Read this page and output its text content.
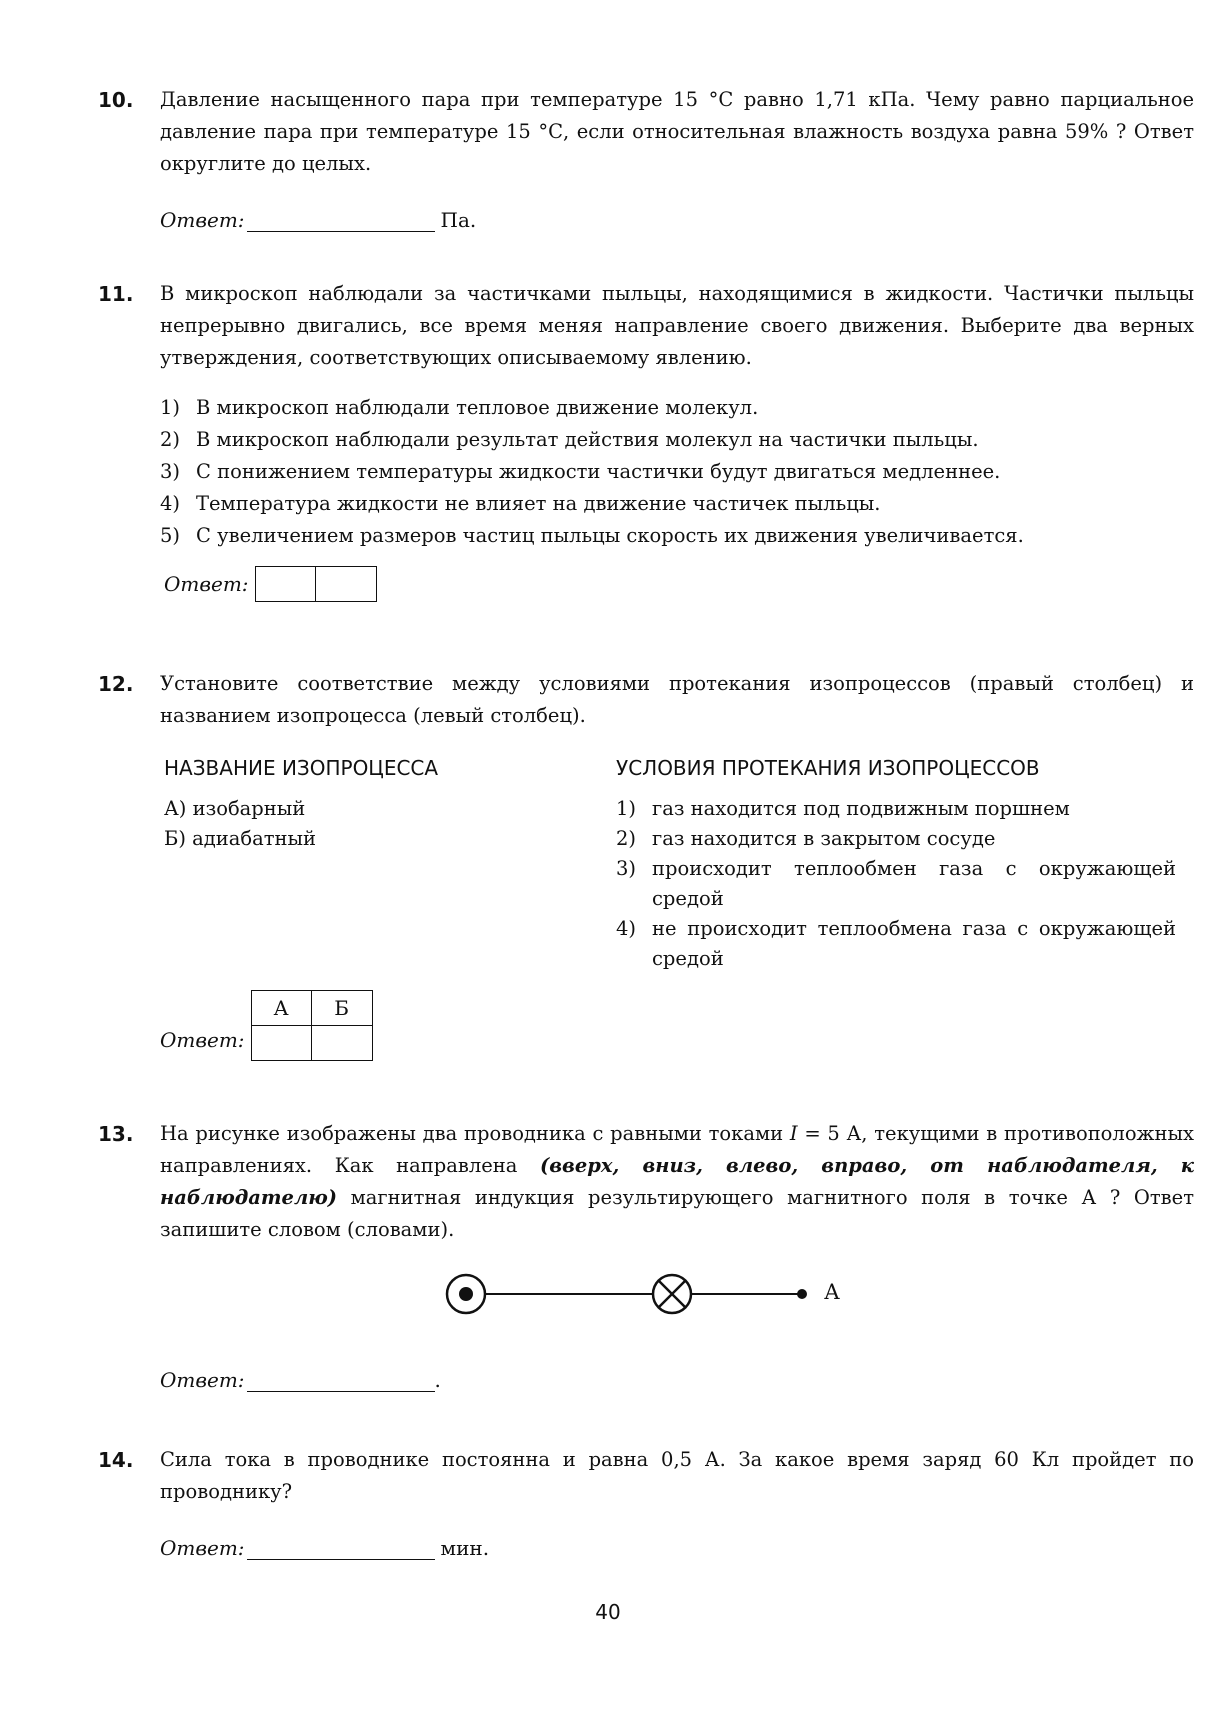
10.	Давление насыщенного пара при температуре 15 °С равно 1,71 кПа. Чему равно парциальное давление пара при температуре 15 °С, если относительная влажность воздуха равна 59% ? Ответ округлите до целых.
Ответ:	Па.
11.	В микроскоп наблюдали за частичками пыльцы, находящимися в жидкости. Частички пыльцы непрерывно двигались, все время меняя направление своего движения. Выберите два верных утверждения, соответствующих описываемому явлению.
1) В микроскоп наблюдали тепловое движение молекул.
2) В микроскоп наблюдали результат действия молекул на частички пыльцы.
3) С понижением температуры жидкости частички будут двигаться медленнее.
4) Температура жидкости не влияет на движение частичек пыльцы.
5) С увеличением размеров частиц пыльцы скорость их движения увеличивается.
Ответ:
12.	Установите соответствие между условиями протекания изопроцессов (правый столбец) и названием изопроцесса (левый столбец).
НАЗВАНИЕ ИЗОПРОЦЕССА	УСЛОВИЯ ПРОТЕКАНИЯ ИЗОПРОЦЕССОВ
А) изобарный
Б) адиабатный
1) газ находится под подвижным поршнем
2) газ находится в закрытом сосуде
3) происходит теплообмен газа с окружающей средой
4) не происходит теплообмена газа с окружающей средой
Ответ:
А	Б
13.	На рисунке изображены два проводника с равными токами I = 5 А, текущими в противоположных направлениях. Как направлена (вверх, вниз, влево, вправо, от наблюдателя, к наблюдателю) магнитная индукция результирующего магнитного поля в точке А ? Ответ запишите словом (словами).
А
Ответ:	.
14.	Сила тока в проводнике постоянна и равна 0,5 А. За какое время заряд 60 Кл пройдет по проводнику?
Ответ:	мин.
40
